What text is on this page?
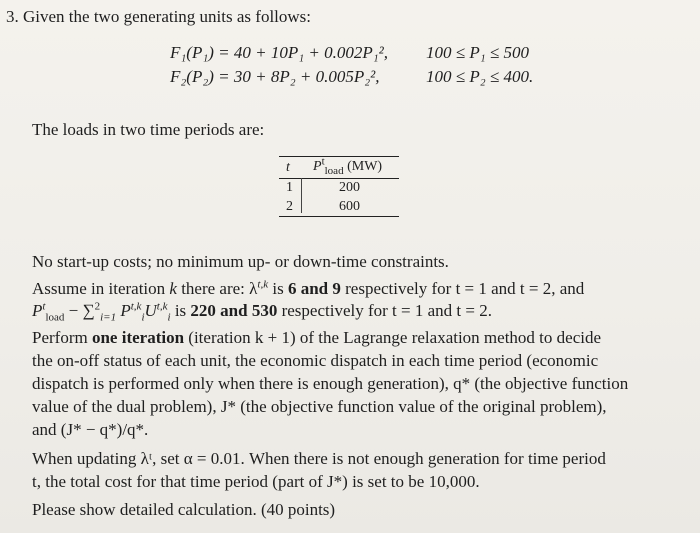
3. Given the two generating units as follows:
F₁(P₁) = 40 + 10P₁ + 0.002P₁², 100 ≤ P₁ ≤ 500
F₂(P₂) = 30 + 8P₂ + 0.005P₂²,	100 ≤ P₂ ≤ 400.
The loads in two time periods are:
t $P^t_{load}$ (MW)
1	200
2	600
No start-up costs; no minimum up- or down-time constraints.
Assume in iteration k there are: $\lambda^{t,k}$ is 6 and 9 respectively for t = 1 and t = 2, and
$P^t_{load} - \sum^2_{i=1}$ $P^{t,k}_iU^{t,k}_i$ is 220 and 530 respectively for t = 1 and t = 2.
Perform one iteration (iteration k + 1) of the Lagrange relaxation method to decide
the on-off status of each unit, the economic dispatch in each time period (economic
dispatch is performed only when there is enough generation), q* (the objective function
value of the dual problem), J* (the objective function value of the original problem),
and (J* − q*)/q*.
When updating λᵗ, set α = 0.01. When there is not enough generation for time period
t, the total cost for that time period (part of J*) is set to be 10,000.
Please show detailed calculation. (40 points)
